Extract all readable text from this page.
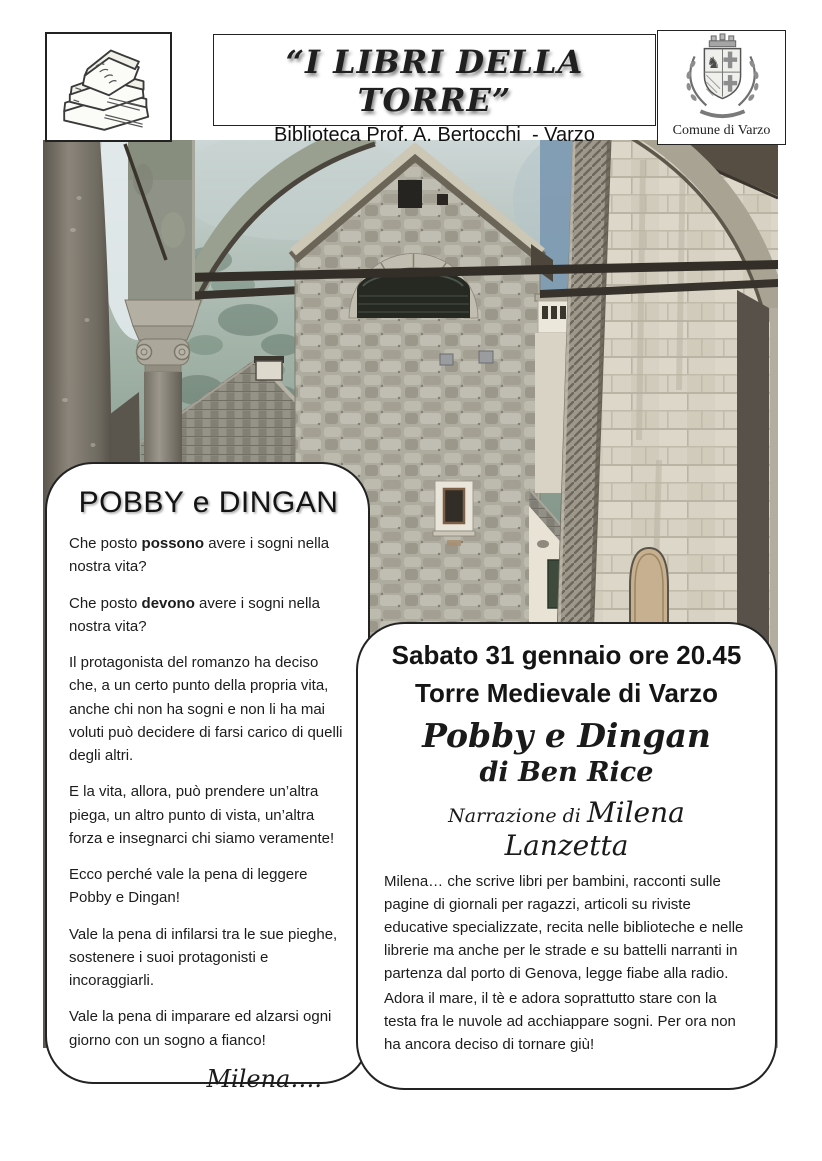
“I LIBRI DELLA TORRE”
Biblioteca Prof. A. Bertocchi  - Varzo
♞
Comune di Varzo
POBBY e DINGAN

Che posto possono avere i sogni nella nostra vita?

Che posto devono avere i sogni nella nostra vita?

Il protagonista del romanzo ha deciso che, a un certo punto della propria vita, anche chi non ha sogni e non li ha mai voluti può decidere di farsi carico di quelli degli altri.

E la vita, allora, può prendere un’altra piega, un altro punto di vista, un’altra forza e insegnarci chi siamo veramente!

Ecco perché vale la pena di leggere Pobby e Dingan!

Vale la pena di infilarsi tra le sue pieghe, sostenere i suoi protagonisti e incoraggiarli.

Vale la pena di imparare ed alzarsi ogni giorno con un sogno a fianco!

Milena….
Sabato 31 gennaio ore 20.45
Torre Medievale di Varzo
Pobby e Dingan
di Ben Rice
Narrazione di Milena Lanzetta
Milena… che scrive libri per bambini, racconti sulle pagine di giornali per ragazzi, articoli su riviste educative specializzate, recita nelle biblioteche e nelle librerie ma anche per le strade e su battelli narranti in partenza dal porto di Genova, legge fiabe alla radio.
Adora il mare, il tè e adora soprattutto stare con la testa fra le nuvole ad acchiappare sogni. Per ora non ha ancora deciso di tornare giù!
